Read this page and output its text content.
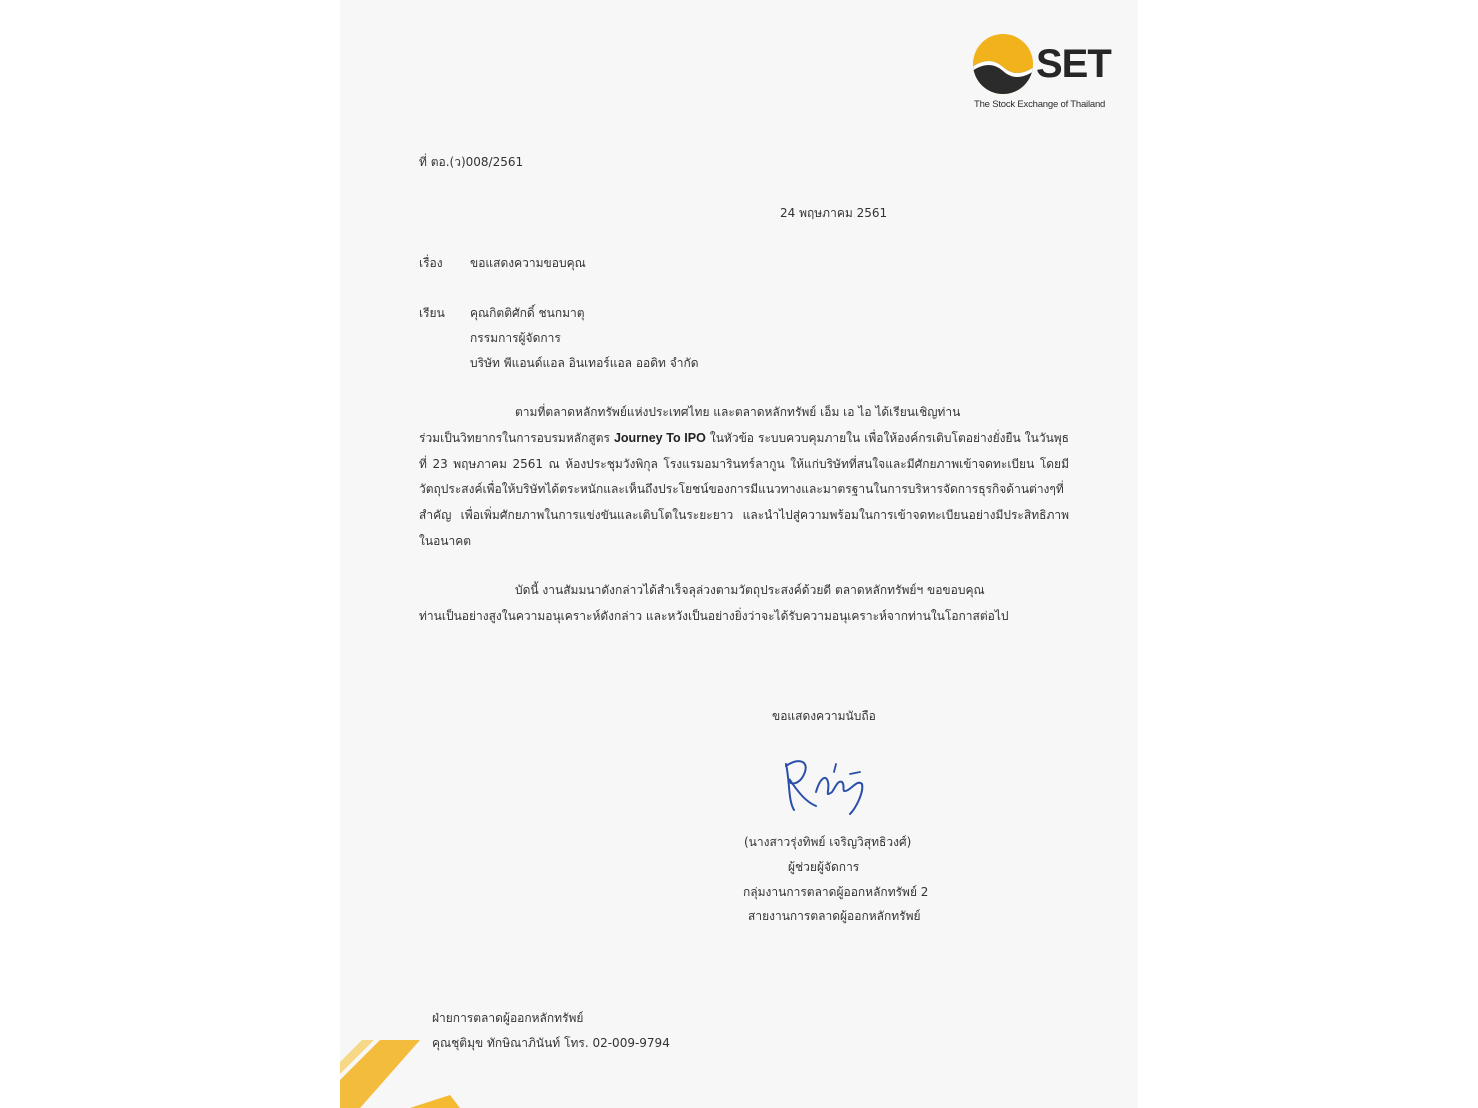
SET
The Stock Exchange of Thailand
ที่ ตอ.(ว)008/2561
24 พฤษภาคม 2561
เรื่อง ขอแสดงความขอบคุณ
เรียน คุณกิตติศักดิ์ ชนกมาตุ
กรรมการผู้จัดการ
บริษัท พีแอนด์แอล อินเทอร์แอล ออดิท จำกัด
ตามที่ตลาดหลักทรัพย์แห่งประเทศไทย และตลาดหลักทรัพย์ เอ็ม เอ ไอ ได้เรียนเชิญท่าน
ร่วมเป็นวิทยากรในการอบรมหลักสูตร Journey To IPO ในหัวข้อ ระบบควบคุมภายใน เพื่อให้องค์กรเติบโตอย่างยั่งยืน ในวันพุธที่ 23 พฤษภาคม 2561 ณ ห้องประชุมวังพิกุล โรงแรมอมารินทร์ลากูน ให้แก่บริษัทที่สนใจและมีศักยภาพเข้าจดทะเบียน โดยมีวัตถุประสงค์เพื่อให้บริษัทได้ตระหนักและเห็นถึงประโยชน์ของการมีแนวทางและมาตรฐานในการบริหารจัดการธุรกิจด้านต่างๆที่สำคัญ เพื่อเพิ่มศักยภาพในการแข่งขันและเติบโตในระยะยาว และนำไปสู่ความพร้อมในการเข้าจดทะเบียนอย่างมีประสิทธิภาพในอนาคต
บัดนี้ งานสัมมนาดังกล่าวได้สำเร็จลุล่วงตามวัตถุประสงค์ด้วยดี ตลาดหลักทรัพย์ฯ ขอขอบคุณ
ท่านเป็นอย่างสูงในความอนุเคราะห์ดังกล่าว และหวังเป็นอย่างยิ่งว่าจะได้รับความอนุเคราะห์จากท่านในโอกาสต่อไป
ขอแสดงความนับถือ
(นางสาวรุ่งทิพย์ เจริญวิสุทธิวงศ์)
ผู้ช่วยผู้จัดการ
กลุ่มงานการตลาดผู้ออกหลักทรัพย์ 2
สายงานการตลาดผู้ออกหลักทรัพย์
ฝ่ายการตลาดผู้ออกหลักทรัพย์
คุณชุติมุข ทักษิณาภินันท์ โทร. 02-009-9794
